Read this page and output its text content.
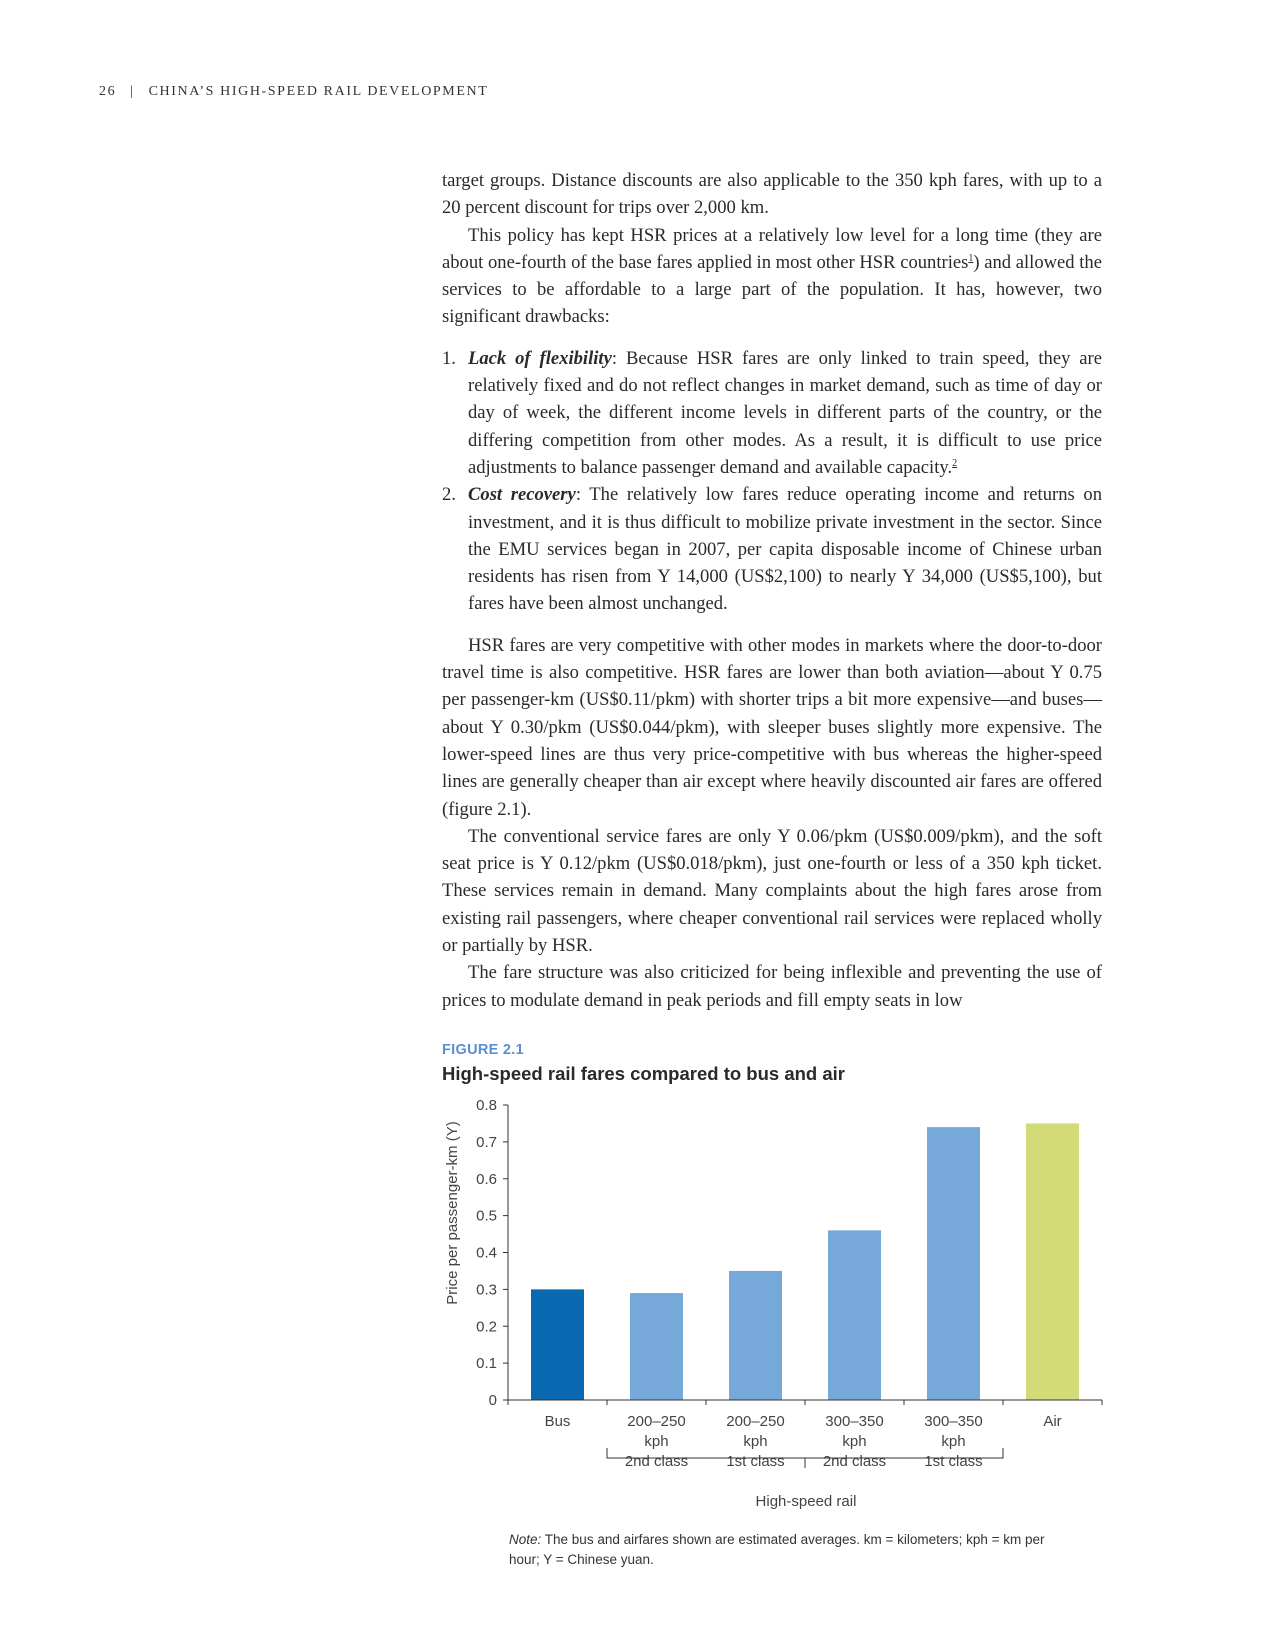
26 | CHINA’S HIGH-SPEED RAIL DEVELOPMENT

target groups. Distance discounts are also applicable to the 350 kph fares, with up to a 20 percent discount for trips over 2,000 km.

This policy has kept HSR prices at a relatively low level for a long time (they are about one-fourth of the base fares applied in most other HSR countries$^1$) and allowed the services to be affordable to a large part of the population. It has, however, two significant drawbacks:

1. Lack of flexibility: Because HSR fares are only linked to train speed, they are relatively fixed and do not reflect changes in market demand, such as time of day or day of week, the different income levels in different parts of the country, or the differing competition from other modes. As a result, it is difficult to use price adjustments to balance passenger demand and available capacity.$^2$
2. Cost recovery: The relatively low fares reduce operating income and returns on investment, and it is thus difficult to mobilize private investment in the sector. Since the EMU services began in 2007, per capita disposable income of Chinese urban residents has risen from Y 14,000 (US$2,100) to nearly Y 34,000 (US$5,100), but fares have been almost unchanged.

HSR fares are very competitive with other modes in markets where the door-to-door travel time is also competitive. HSR fares are lower than both aviation—about Y 0.75 per passenger-km (US$0.11/pkm) with shorter trips a bit more expensive—and buses—about Y 0.30/pkm (US$0.044/pkm), with sleeper buses slightly more expensive. The lower-speed lines are thus very price-competitive with bus whereas the higher-speed lines are generally cheaper than air except where heavily discounted air fares are offered (figure 2.1).

The conventional service fares are only Y 0.06/pkm (US$0.009/pkm), and the soft seat price is Y 0.12/pkm (US$0.018/pkm), just one-fourth or less of a 350 kph ticket. These services remain in demand. Many complaints about the high fares arose from existing rail passengers, where cheaper conventional rail services were replaced wholly or partially by HSR.

The fare structure was also criticized for being inflexible and preventing the use of prices to modulate demand in peak periods and fill empty seats in low

FIGURE 2.1
High-speed rail fares compared to bus and air
0
0.1
0.2
0.3
0.4
0.5
0.6
0.7
0.8
Bus	200–250
kph
2nd class
200–250
kph
1st class
300–350
kph
2nd class
300–350
kph
1st class
Air
Price per passenger-km (Y)
High-speed rail
Note: The bus and airfares shown are estimated averages. km = kilometers; kph = km per hour; Y = Chinese yuan.
